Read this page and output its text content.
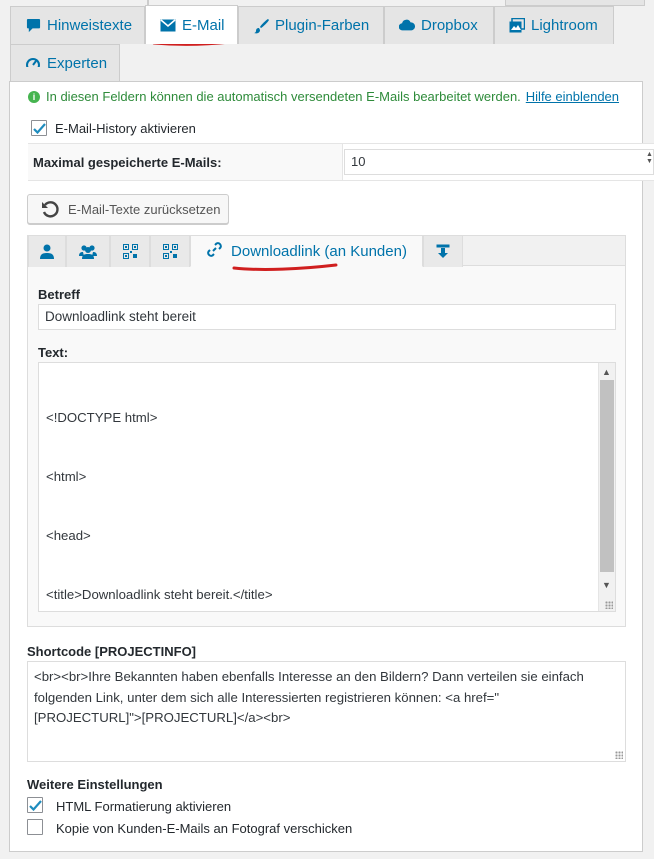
Hinweistexte	E-Mail	Plugin-Farben	Dropbox	Lightroom
Experten
i In diesen Feldern können die automatisch versendeten E-Mails bearbeitet werden. Hilfe einblenden
E-Mail-History aktivieren
Maximal gespeicherte E-Mails:	10	▲
▼
E-Mail-Texte zurücksetzen
Downloadlink (an Kunden)
Betreff
Downloadlink steht bereit
Text:

<!DOCTYPE html>

<html>

<head>

<title>Downloadlink steht bereit.</title>

▲
▼
Shortcode [PROJECTINFO]
<br><br>Ihre Bekannten haben ebenfalls Interesse an den Bildern? Dann verteilen sie einfach
folgenden Link, unter dem sich alle Interessierten registrieren können: <a href="
[PROJECTURL]">[PROJECTURL]</a><br>
Weitere Einstellungen
HTML Formatierung aktivieren
Kopie von Kunden-E-Mails an Fotograf verschicken
